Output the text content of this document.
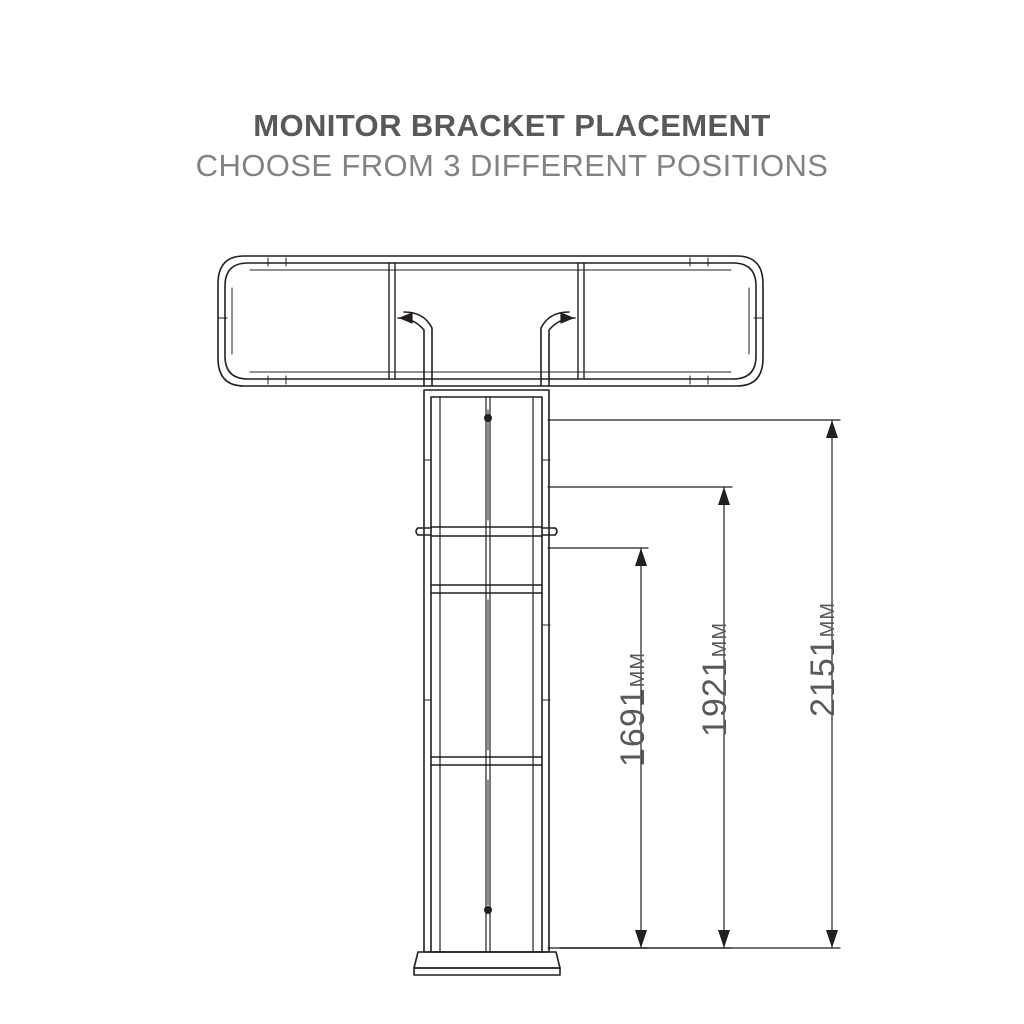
MONITOR BRACKET PLACEMENT
CHOOSE FROM 3 DIFFERENT POSITIONS
1691MM 1921MM 2151MM
